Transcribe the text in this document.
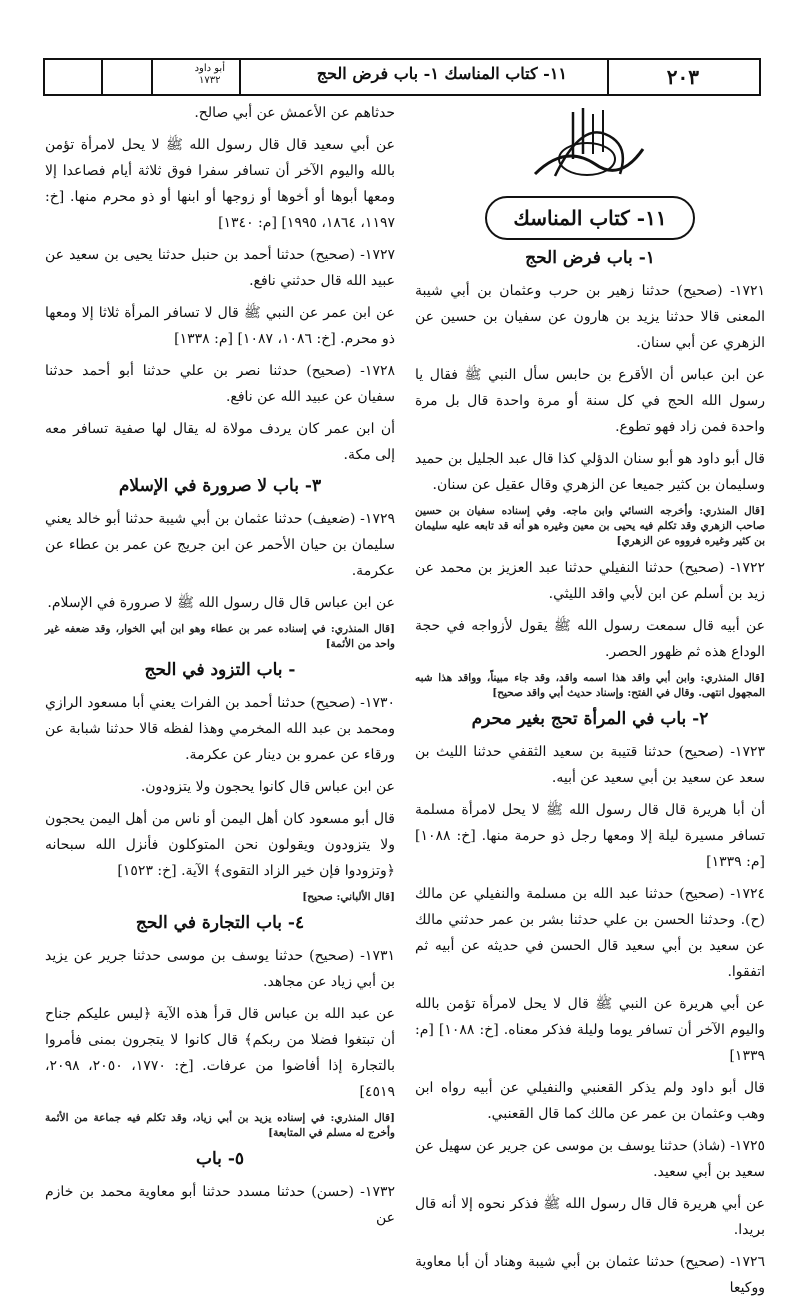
٢٠٣
١١- كتاب المناسك ١- باب فرض الحج
أبو داود
١٧٣٢
١١- كتاب المناسك
١- باب فرض الحج

١٧٢١- (صحيح) حدثنا زهير بن حرب وعثمان بن أبي شيبة المعنى قالا حدثنا يزيد بن هارون عن سفيان بن حسين عن الزهري عن أبي سنان.

عن ابن عباس أن الأقرع بن حابس سأل النبي ﷺ فقال يا رسول الله الحج في كل سنة أو مرة واحدة قال بل مرة واحدة فمن زاد فهو تطوع.

قال أبو داود هو أبو سنان الدؤلي كذا قال عبد الجليل بن حميد وسليمان بن كثير جميعا عن الزهري وقال عقيل عن سنان.

[قال المنذري: وأخرجه النسائي وابن ماجه. وفي إسناده سفيان بن حسين صاحب الزهري وقد تكلم فيه يحيى بن معين وغيره هو أنه قد تابعه عليه سليمان بن كثير وغيره فرووه عن الزهري]

١٧٢٢- (صحيح) حدثنا النفيلي حدثنا عبد العزيز بن محمد عن زيد بن أسلم عن ابن لأبي واقد الليثي.

عن أبيه قال سمعت رسول الله ﷺ يقول لأزواجه في حجة الوداع هذه ثم ظهور الحصر.

[قال المنذري: وابن أبي واقد هذا اسمه واقد، وقد جاء مبيناً، وواقد هذا شبه المجهول انتهى. وقال في الفتح: وإسناد حديث أبي واقد صحيح]

٢- باب في المرأة تحج بغير محرم

١٧٢٣- (صحيح) حدثنا قتيبة بن سعيد الثقفي حدثنا الليث بن سعد عن سعيد بن أبي سعيد عن أبيه.

أن أبا هريرة قال قال رسول الله ﷺ لا يحل لامرأة مسلمة تسافر مسيرة ليلة إلا ومعها رجل ذو حرمة منها. [خ: ١٠٨٨] [م: ١٣٣٩]

١٧٢٤- (صحيح) حدثنا عبد الله بن مسلمة والنفيلي عن مالك (ح). وحدثنا الحسن بن علي حدثنا بشر بن عمر حدثني مالك عن سعيد بن أبي سعيد قال الحسن في حديثه عن أبيه ثم اتفقوا.

عن أبي هريرة عن النبي ﷺ قال لا يحل لامرأة تؤمن بالله واليوم الآخر أن تسافر يوما وليلة فذكر معناه. [خ: ١٠٨٨] [م: ١٣٣٩]

قال أبو داود ولم يذكر القعنبي والنفيلي عن أبيه رواه ابن وهب وعثمان بن عمر عن مالك كما قال القعنبي.

١٧٢٥- (شاذ) حدثنا يوسف بن موسى عن جرير عن سهيل عن سعيد بن أبي سعيد.

عن أبي هريرة قال قال رسول الله ﷺ فذكر نحوه إلا أنه قال بريدا.

١٧٢٦- (صحيح) حدثنا عثمان بن أبي شيبة وهناد أن أبا معاوية ووكيعا

حدثاهم عن الأعمش عن أبي صالح.

عن أبي سعيد قال قال رسول الله ﷺ لا يحل لامرأة تؤمن بالله واليوم الآخر أن تسافر سفرا فوق ثلاثة أيام فصاعدا إلا ومعها أبوها أو أخوها أو زوجها أو ابنها أو ذو محرم منها. [خ: ١١٩٧، ١٨٦٤، ١٩٩٥] [م: ١٣٤٠]

١٧٢٧- (صحيح) حدثنا أحمد بن حنبل حدثنا يحيى بن سعيد عن عبيد الله قال حدثني نافع.

عن ابن عمر عن النبي ﷺ قال لا تسافر المرأة ثلاثا إلا ومعها ذو محرم. [خ: ١٠٨٦، ١٠٨٧] [م: ١٣٣٨]

١٧٢٨- (صحيح) حدثنا نصر بن علي حدثنا أبو أحمد حدثنا سفيان عن عبيد الله عن نافع.

أن ابن عمر كان يردف مولاة له يقال لها صفية تسافر معه إلى مكة.

٣- باب لا صرورة في الإسلام

١٧٢٩- (ضعيف) حدثنا عثمان بن أبي شيبة حدثنا أبو خالد يعني سليمان بن حيان الأحمر عن ابن جريج عن عمر بن عطاء عن عكرمة.

عن ابن عباس قال قال رسول الله ﷺ لا صرورة في الإسلام.

[قال المنذري: في إسناده عمر بن عطاء وهو ابن أبي الخوار، وقد ضعفه غير واحد من الأئمة]

- باب التزود في الحج

١٧٣٠- (صحيح) حدثنا أحمد بن الفرات يعني أبا مسعود الرازي ومحمد بن عبد الله المخرمي وهذا لفظه قالا حدثنا شبابة عن ورقاء عن عمرو بن دينار عن عكرمة.

عن ابن عباس قال كانوا يحجون ولا يتزودون.

قال أبو مسعود كان أهل اليمن أو ناس من أهل اليمن يحجون ولا يتزودون ويقولون نحن المتوكلون فأنزل الله سبحانه ﴿وتزودوا فإن خير الزاد التقوى﴾ الآية. [خ: ١٥٢٣]

[قال الألباني: صحيح]

٤- باب التجارة في الحج

١٧٣١- (صحيح) حدثنا يوسف بن موسى حدثنا جرير عن يزيد بن أبي زياد عن مجاهد.

عن عبد الله بن عباس قال قرأ هذه الآية ﴿ليس عليكم جناح أن تبتغوا فضلا من ربكم﴾ قال كانوا لا يتجرون بمنى فأمروا بالتجارة إذا أفاضوا من عرفات. [خ: ١٧٧٠، ٢٠٥٠، ٢٠٩٨، ٤٥١٩]

[قال المنذري: في إسناده يزيد بن أبي زياد، وقد تكلم فيه جماعة من الأئمة وأخرج له مسلم في المتابعة]

٥- باب

١٧٣٢- (حسن) حدثنا مسدد حدثنا أبو معاوية محمد بن خازم عن
